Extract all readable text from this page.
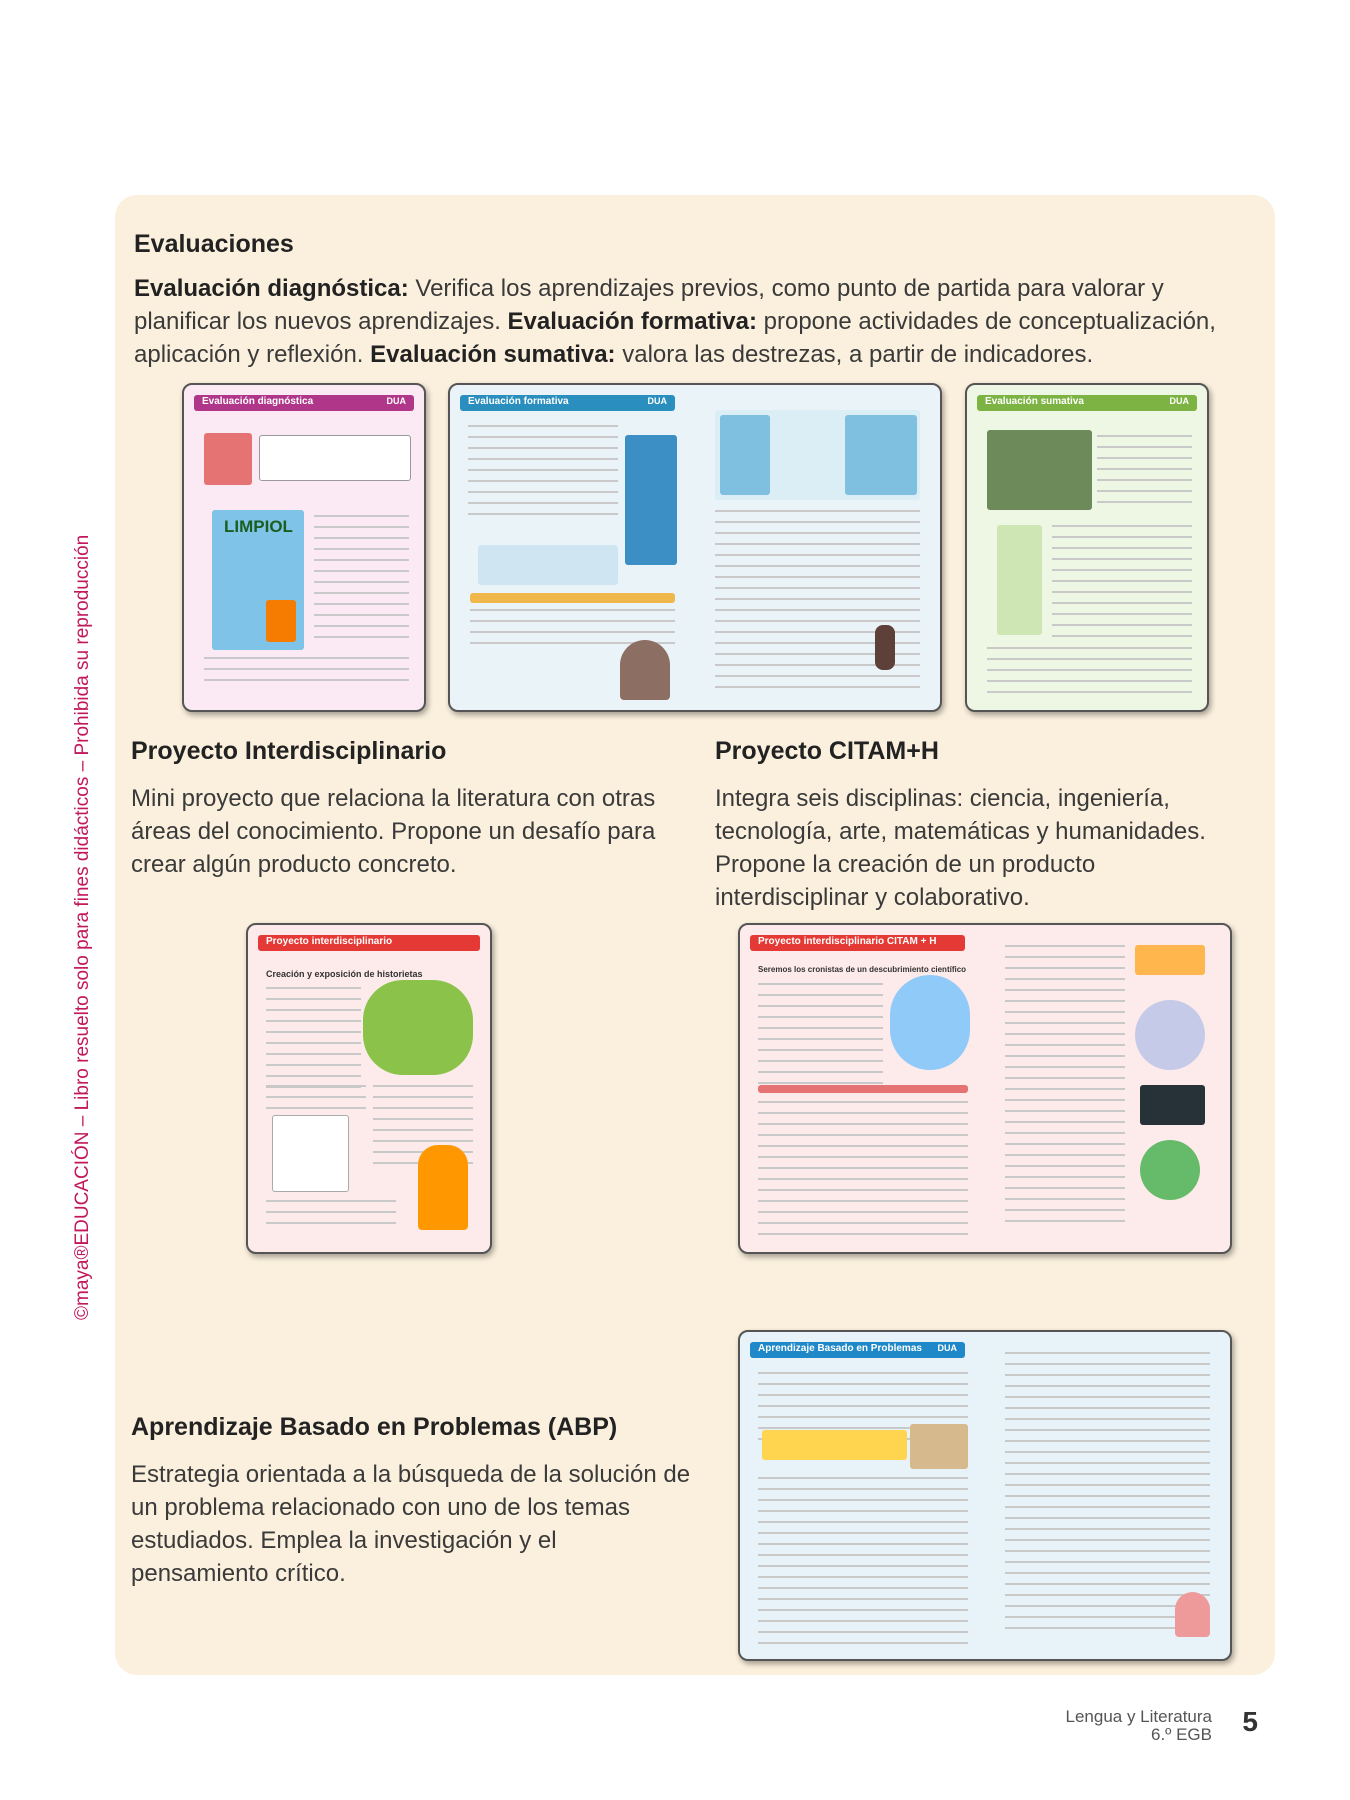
©maya®EDUCACIÓN – Libro resuelto solo para fines didácticos – Prohibida su reproducción
Evaluaciones
Evaluación diagnóstica: Verifica los aprendizajes previos, como punto de partida para valorar y planificar los nuevos aprendizajes. Evaluación formativa: propone actividades de conceptualización, aplicación y reflexión. Evaluación sumativa: valora las destrezas, a partir de indicadores.
Evaluación diagnóstica	DUA
LIMPIOL
Evaluación formativa	DUA	Evaluación sumativa	DUA
Proyecto Interdisciplinario
Mini proyecto que relaciona la literatura con otras áreas del conocimiento. Propone un desafío para crear algún producto concreto.
Proyecto CITAM+H
Integra seis disciplinas: ciencia, ingeniería, tecnología, arte, matemáticas y humanidades. Propone la creación de un producto interdisciplinar y colaborativo.
Proyecto interdisciplinario
Creación y exposición de historietas
Proyecto interdisciplinario CITAM + H
Seremos los cronistas de un descubrimiento científico
Aprendizaje Basado en Problemas (ABP)
Estrategia orientada a la búsqueda de la solución de un problema relacionado con uno de los temas estudiados. Emplea la investigación y el pensamiento crítico.
Aprendizaje Basado en Problemas DUA
Lengua y Literatura
6.º EGB 5
